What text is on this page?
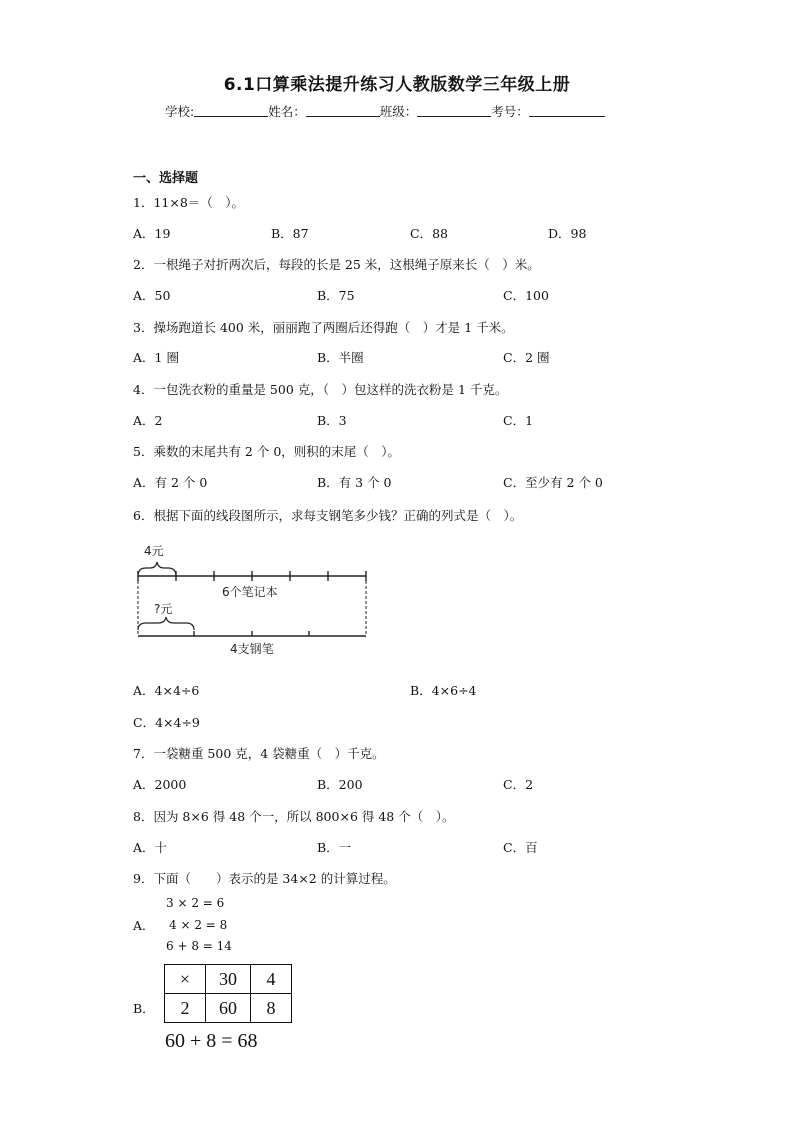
6.1口算乘法提升练习人教版数学三年级上册
学校:	姓名：	班级：	考号：
一、选择题
1．11×8＝（　）。
A．19	B．87	C．88	D．98
2．一根绳子对折两次后，每段的长是 25 米，这根绳子原来长（　）米。
A．50	B．75	C．100
3．操场跑道长 400 米，丽丽跑了两圈后还得跑（　）才是 1 千米。
A．1 圈	B．半圈	C．2 圈
4．一包洗衣粉的重量是 500 克，（　）包这样的洗衣粉是 1 千克。
A．2	B．3	C．1
5．乘数的末尾共有 2 个 0，则积的末尾（　）。
A．有 2 个 0	B．有 3 个 0	C．至少有 2 个 0
6．根据下面的线段图所示，求每支钢笔多少钱？正确的列式是（　）。
4元
6个笔记本
?元
4支钢笔
A．4×4÷6	B．4×6÷4
C．4×4÷9
7．一袋糖重 500 克，4 袋糖重（　）千克。
A．2000	B．200	C．2
8．因为 8×6 得 48 个一，所以 800×6 得 48 个（　）。
A．十	B．一	C．百
9．下面（　　）表示的是 34×2 的计算过程。
A．
3 × 2 = 6
4 × 2 = 8
6 + 8 = 14
B．
×	30	4
2	60	8
60 + 8 = 68
